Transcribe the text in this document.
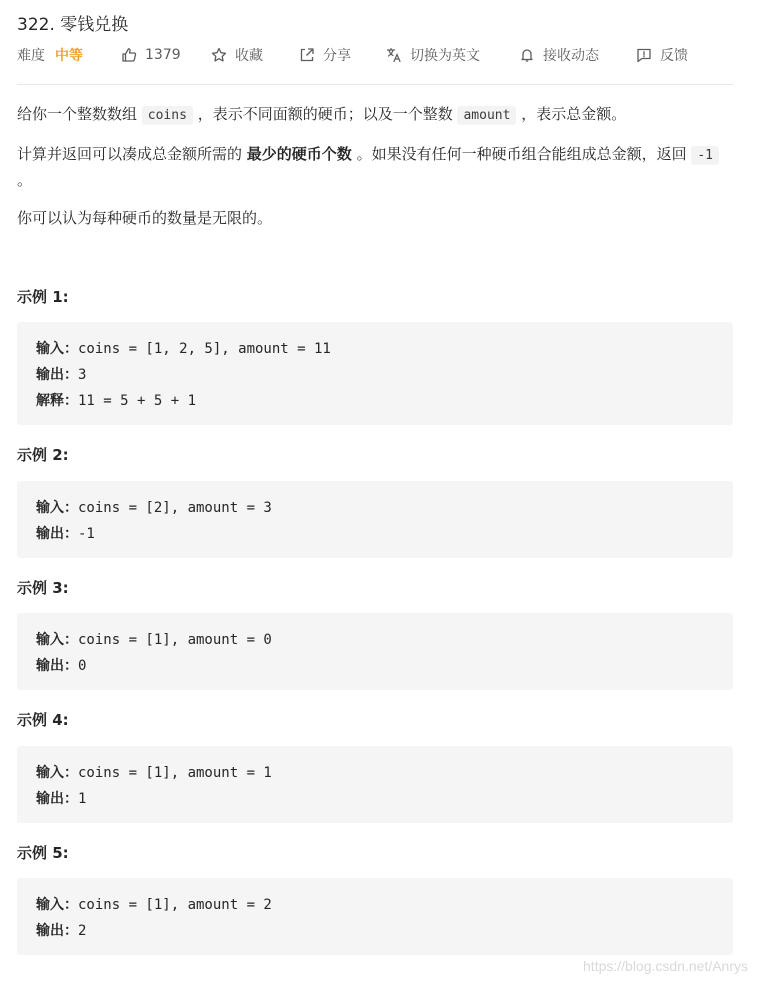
322. 零钱兑换
难度 中等	1379	收藏	分享	切换为英文	接收动态	反馈
给你一个整数数组 coins ，表示不同面额的硬币；以及一个整数 amount ，表示总金额。
计算并返回可以凑成总金额所需的 最少的硬币个数 。如果没有任何一种硬币组合能组成总金额，返回 -1 。
你可以认为每种硬币的数量是无限的。
示例 1:
输入：coins = [1, 2, 5], amount = 11
输出：3
解释：11 = 5 + 5 + 1
示例 2:
输入：coins = [2], amount = 3
输出：-1
示例 3:
输入：coins = [1], amount = 0
输出：0
示例 4:
输入：coins = [1], amount = 1
输出：1
示例 5:
输入：coins = [1], amount = 2
输出：2
https://blog.csdn.net/Anrys
